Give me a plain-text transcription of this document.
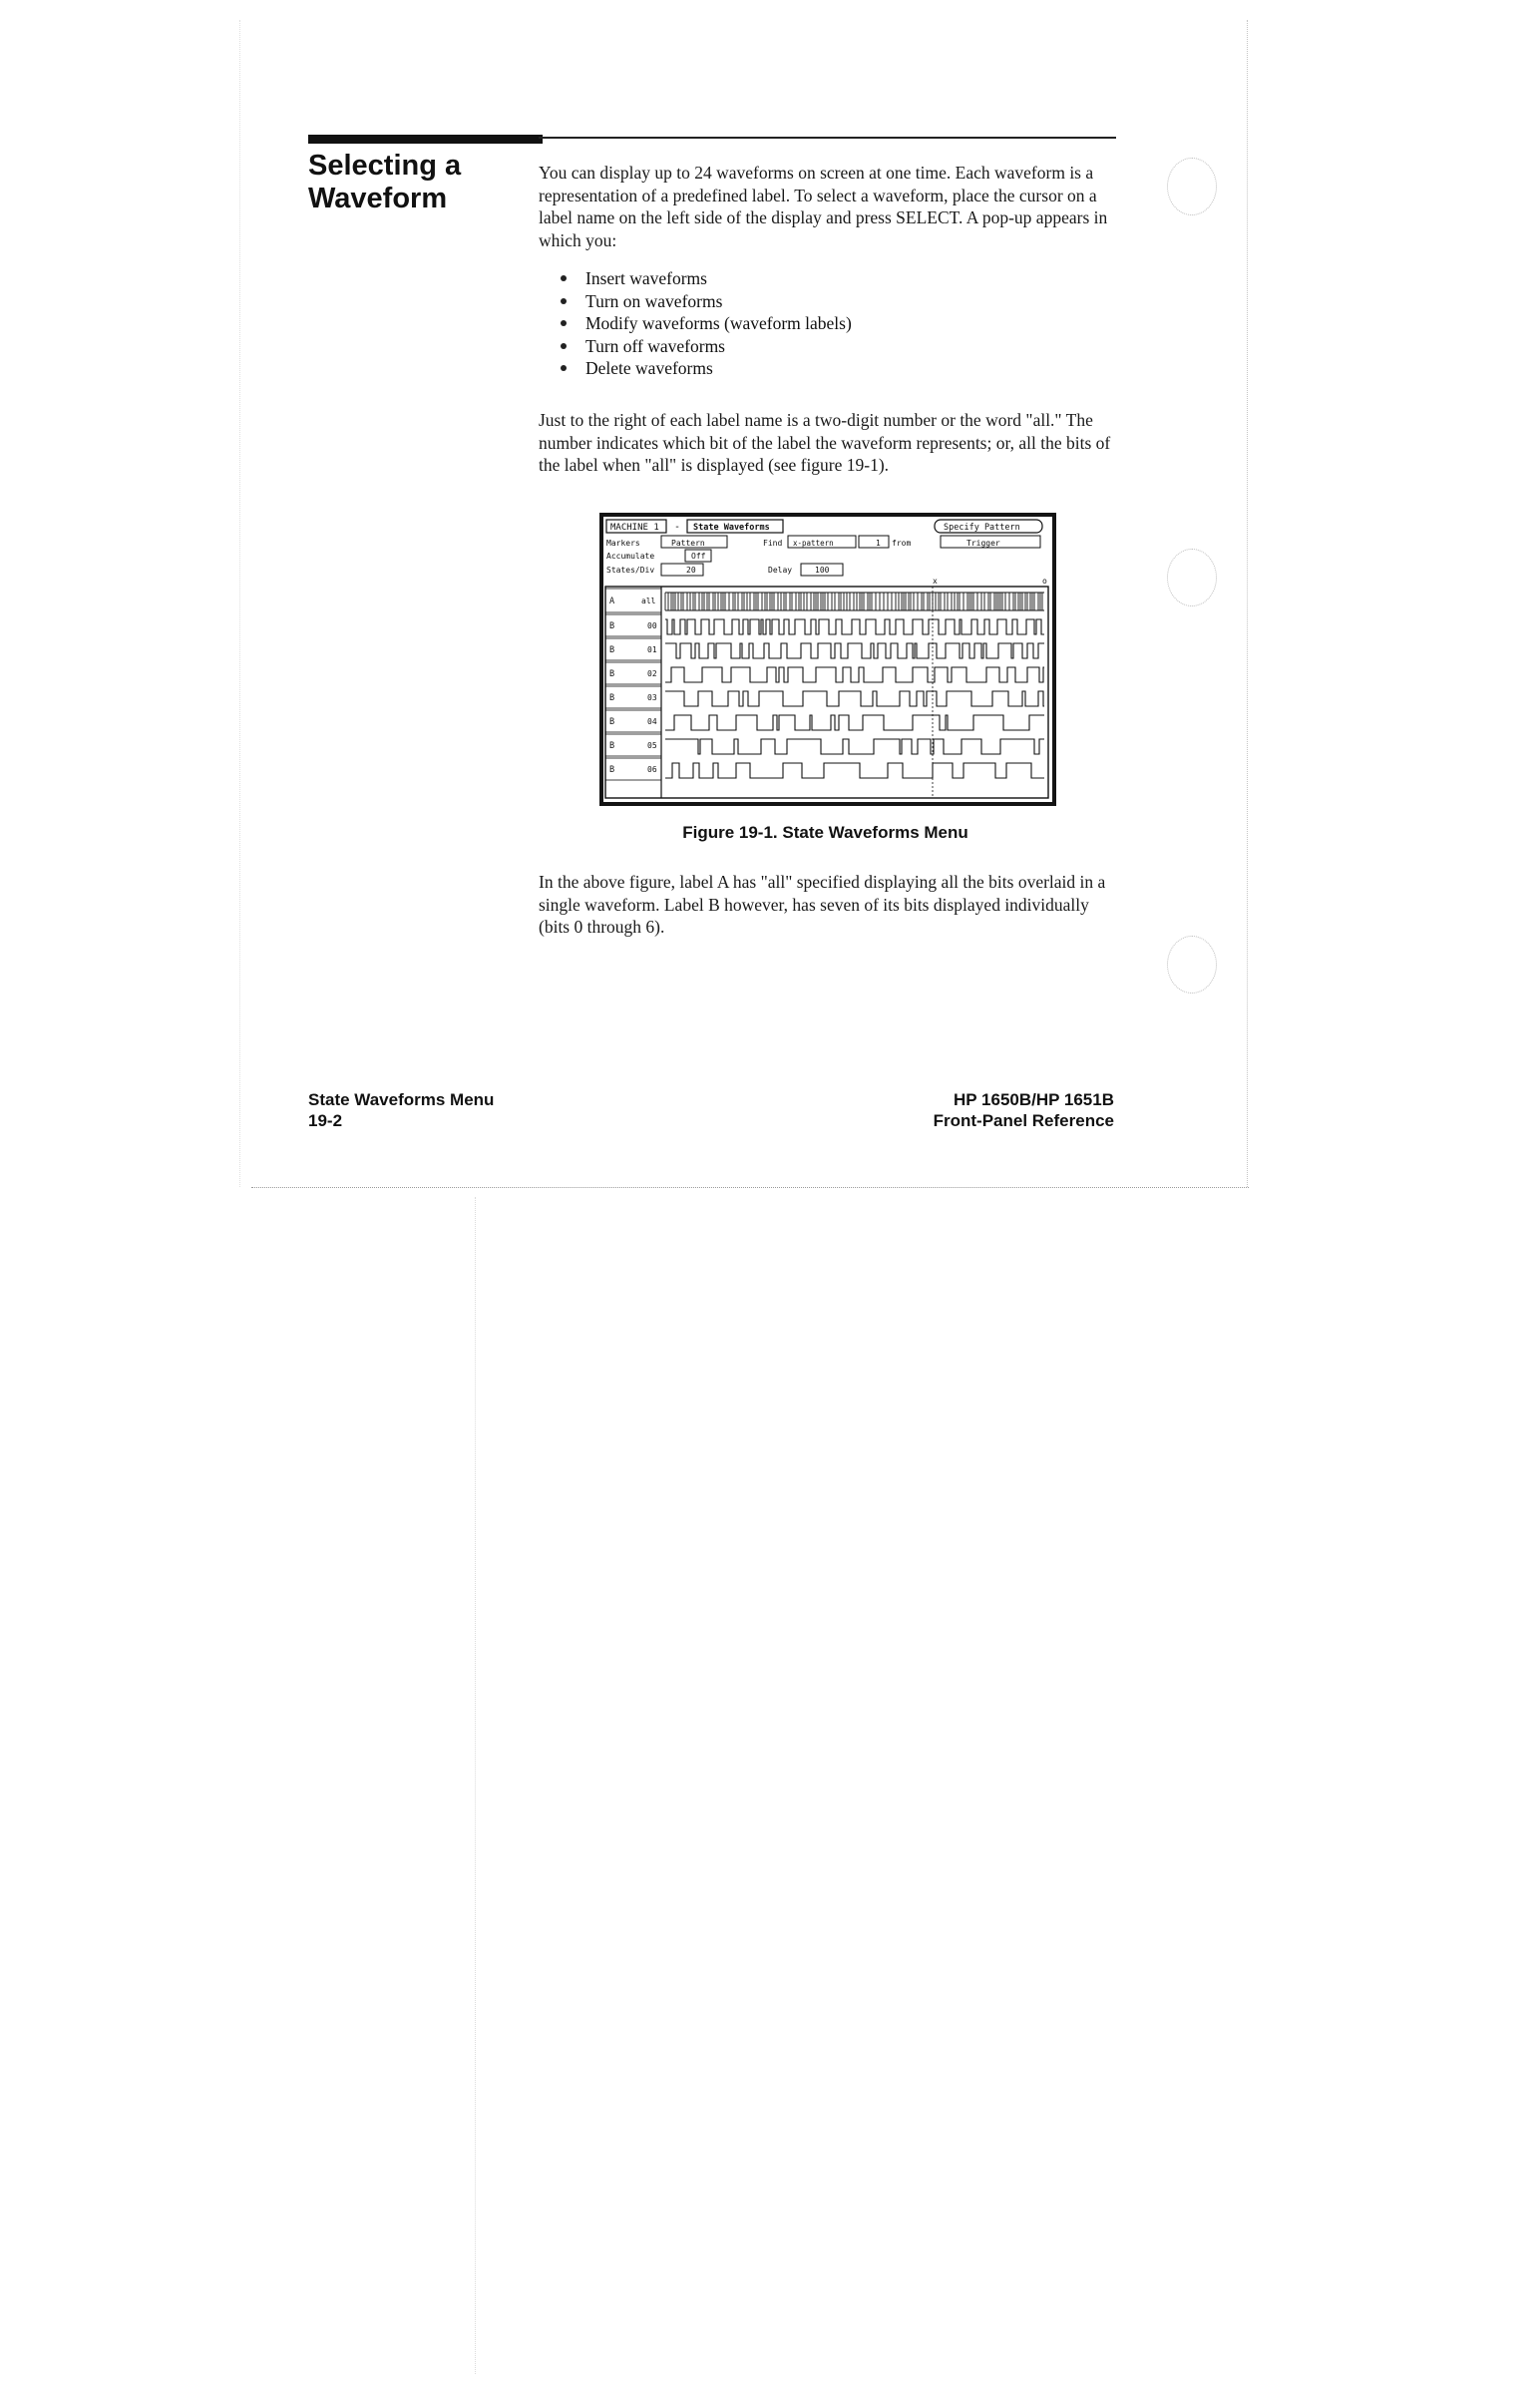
Selecting a
Waveform
You can display up to 24 waveforms on screen at one time. Each waveform is a representation of a predefined label. To select a waveform, place the cursor on a label name on the left side of the display and press SELECT. A pop-up appears in which you:
Insert waveforms
Turn on waveforms
Modify waveforms (waveform labels)
Turn off waveforms
Delete waveforms
Just to the right of each label name is a two-digit number or the word "all." The number indicates which bit of the label the waveform represents; or, all the bits of the label when "all" is displayed (see figure 19-1).
MACHINE 1 - State Waveforms	Specify Pattern
Markers	Pattern	Find x-pattern	1 from	Trigger
Accumulate	Off
States/Div	20	Delay	100
x	o
A	all
B	00
B	01
B	02
B	03
B	04
B	05
B	06
Figure 19-1. State Waveforms Menu
In the above figure, label A has "all" specified displaying all the bits overlaid in a single waveform. Label B however, has seven of its bits displayed individually (bits 0 through 6).
State Waveforms Menu
19-2
HP 1650B/HP 1651B
Front-Panel Reference
